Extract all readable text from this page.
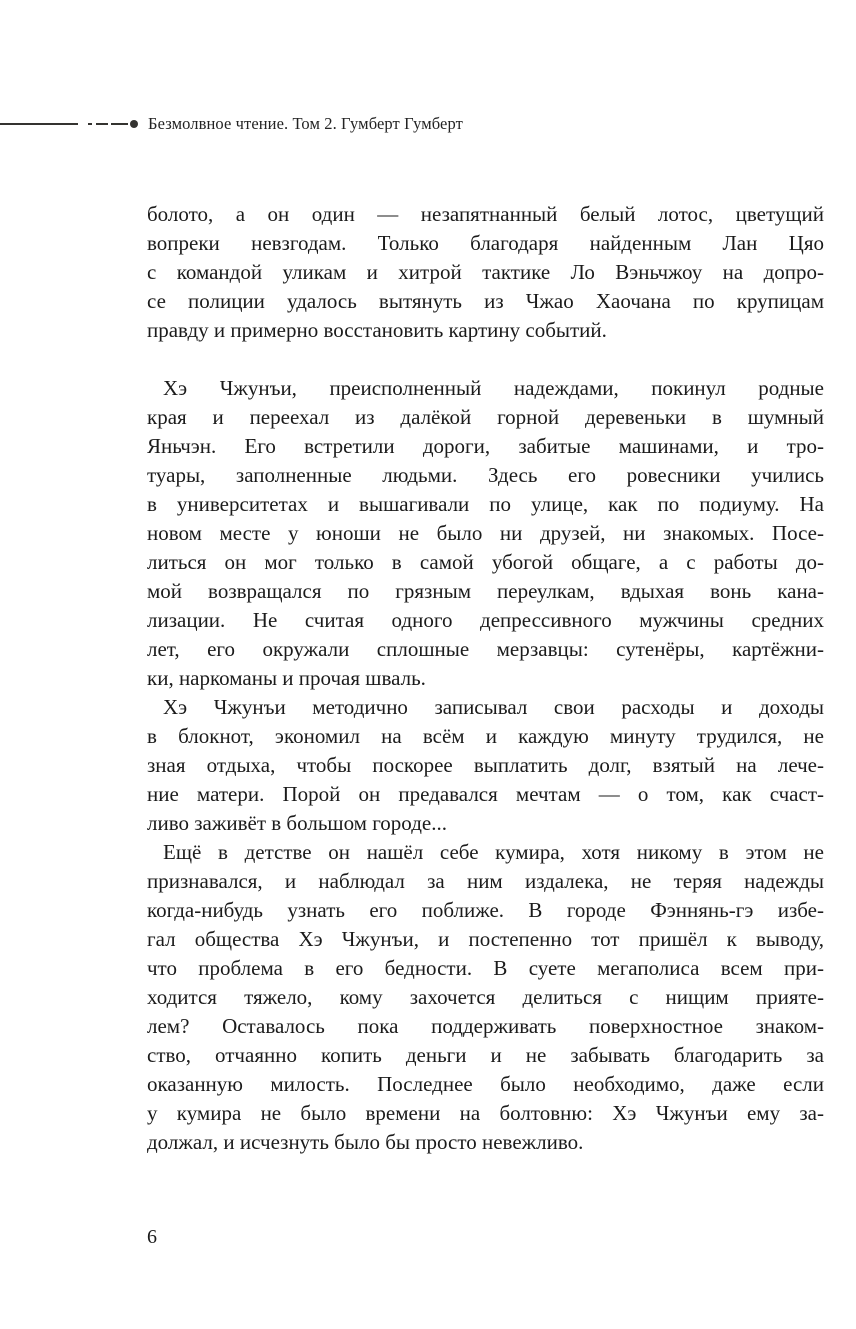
Безмолвное чтение. Том 2. Гумберт Гумберт
болото, а он один — незапятнанный белый лотос, цветущий
вопреки невзгодам. Только благодаря найденным Лан Цяо
с командой уликам и хитрой тактике Ло Вэньчжоу на допро-
се полиции удалось вытянуть из Чжао Хаочана по крупицам
правду и примерно восстановить картину событий.
Хэ Чжунъи, преисполненный надеждами, покинул родные
края и переехал из далёкой горной деревеньки в шумный
Яньчэн. Его встретили дороги, забитые машинами, и тро-
туары, заполненные людьми. Здесь его ровесники учились
в университетах и вышагивали по улице, как по подиуму. На
новом месте у юноши не было ни друзей, ни знакомых. Посе-
литься он мог только в самой убогой общаге, а с работы до-
мой возвращался по грязным переулкам, вдыхая вонь кана-
лизации. Не считая одного депрессивного мужчины средних
лет, его окружали сплошные мерзавцы: сутенёры, картёжни-
ки, наркоманы и прочая шваль.
Хэ Чжунъи методично записывал свои расходы и доходы
в блокнот, экономил на всём и каждую минуту трудился, не
зная отдыха, чтобы поскорее выплатить долг, взятый на лече-
ние матери. Порой он предавался мечтам — о том, как счаст-
ливо заживёт в большом городе...
Ещё в детстве он нашёл себе кумира, хотя никому в этом не
признавался, и наблюдал за ним издалека, не теряя надежды
когда-нибудь узнать его поближе. В городе Фэннянь-гэ избе-
гал общества Хэ Чжунъи, и постепенно тот пришёл к выводу,
что проблема в его бедности. В суете мегаполиса всем при-
ходится тяжело, кому захочется делиться с нищим прияте-
лем? Оставалось пока поддерживать поверхностное знаком-
ство, отчаянно копить деньги и не забывать благодарить за
оказанную милость. Последнее было необходимо, даже если
у кумира не было времени на болтовню: Хэ Чжунъи ему за-
должал, и исчезнуть было бы просто невежливо.
6
